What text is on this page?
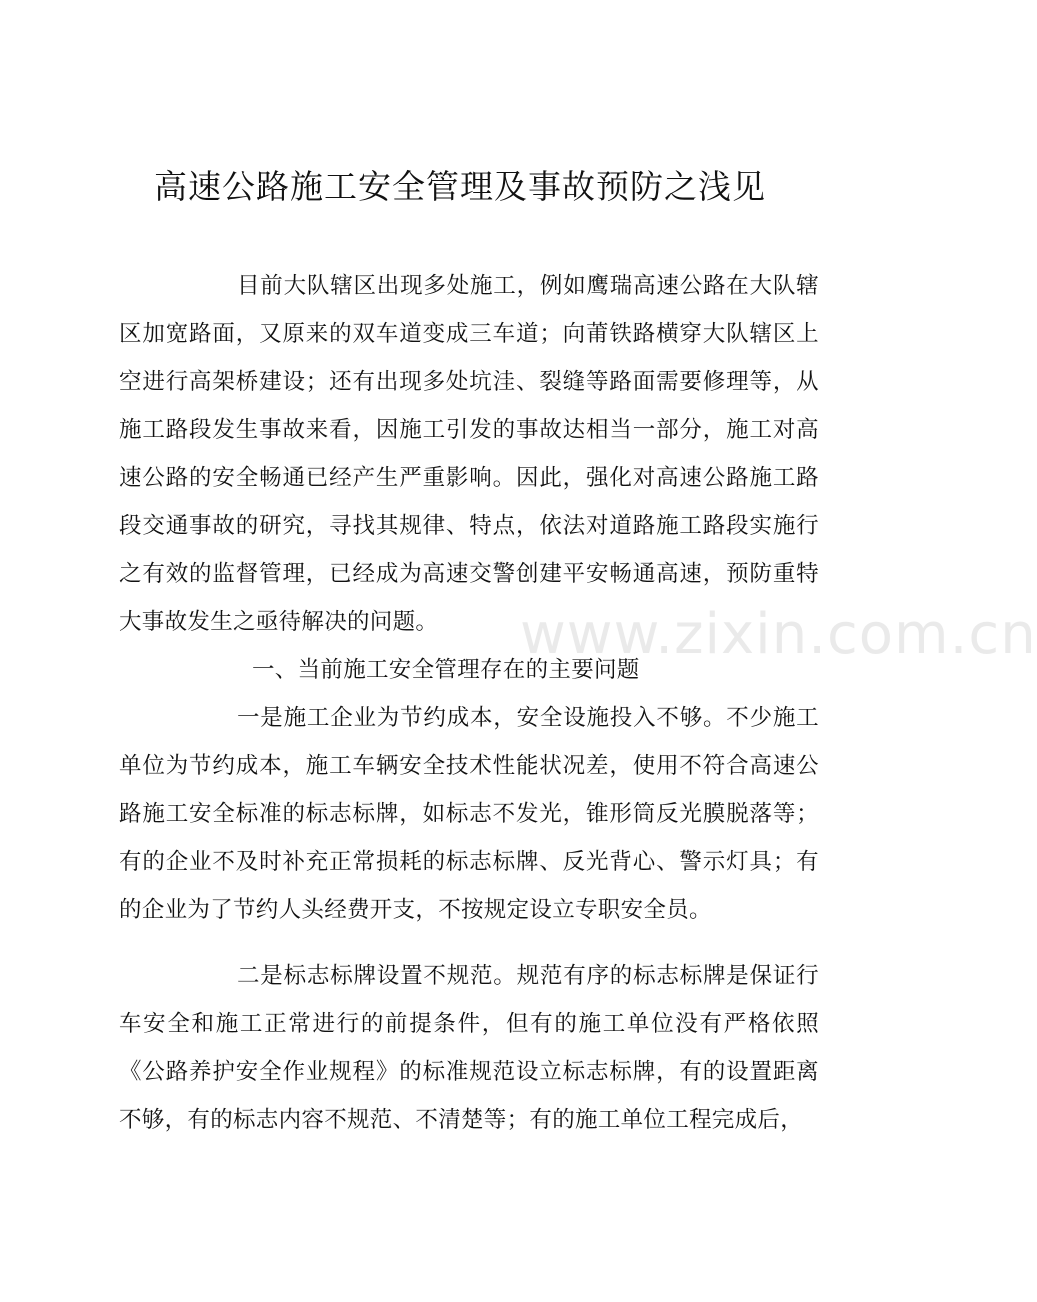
高速公路施工安全管理及事故预防之浅见

目前大队辖区出现多处施工，例如鹰瑞高速公路在大队辖区加宽路面，又原来的双车道变成三车道；向莆铁路横穿大队辖区上空进行高架桥建设；还有出现多处坑洼、裂缝等路面需要修理等，从施工路段发生事故来看，因施工引发的事故达相当一部分，施工对高速公路的安全畅通已经产生严重影响。因此，强化对高速公路施工路段交通事故的研究，寻找其规律、特点，依法对道路施工路段实施行之有效的监督管理，已经成为高速交警创建平安畅通高速，预防重特大事故发生之亟待解决的问题。

一、当前施工安全管理存在的主要问题

一是施工企业为节约成本，安全设施投入不够。不少施工单位为节约成本，施工车辆安全技术性能状况差，使用不符合高速公路施工安全标准的标志标牌，如标志不发光，锥形筒反光膜脱落等；有的企业不及时补充正常损耗的标志标牌、反光背心、警示灯具；有的企业为了节约人头经费开支，不按规定设立专职安全员。

二是标志标牌设置不规范。规范有序的标志标牌是保证行车安全和施工正常进行的前提条件，但有的施工单位没有严格依照《公路养护安全作业规程》的标准规范设立标志标牌，有的设置距离不够，有的标志内容不规范、不清楚等；有的施工单位工程完成后，

www.zixin.com.cn
